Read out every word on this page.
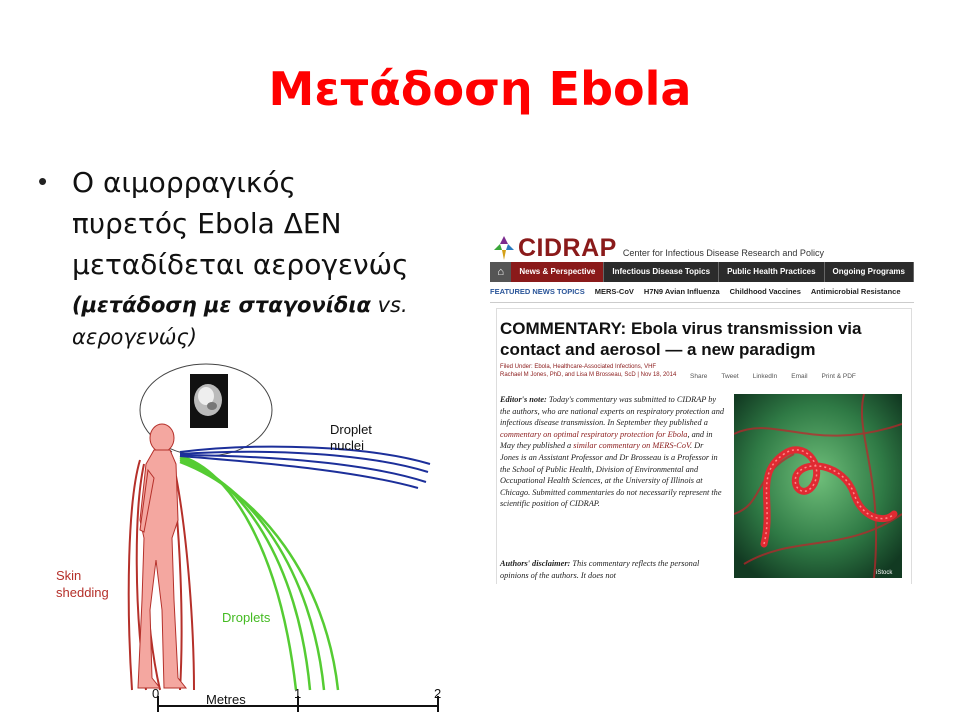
Μετάδοση Ebola
• Ο αιμορραγικός
πυρετός Ebola ΔΕΝ
μεταδίδεται αερογενώς
(μετάδοση με σταγονίδια vs.
αερογενώς)
Droplet
nuclei
Skin
shedding
Droplets
0	1	2
Metres
CIDRAP Center for Infectious Disease Research and Policy
⌂	News & Perspective	Infectious Disease Topics	Public Health Practices	Ongoing Programs
FEATURED NEWS TOPICS MERS-CoV H7N9 Avian Influenza Childhood Vaccines Antimicrobial Resistance
COMMENTARY: Ebola virus transmission via contact and aerosol — a new paradigm
Filed Under: Ebola, Healthcare-Associated Infections, VHF
Rachael M Jones, PhD, and Lisa M Brosseau, ScD | Nov 18, 2014	Share Tweet LinkedIn Email Print & PDF
Editor's note: Today's commentary was submitted to CIDRAP by the authors, who are national experts on respiratory protection and infectious disease transmission. In September they published a commentary on optimal respiratory protection for Ebola, and in May they published a similar commentary on MERS-CoV. Dr Jones is an Assistant Professor and Dr Brosseau is a Professor in the School of Public Health, Division of Environmental and Occupational Health Sciences, at the University of Illinois at Chicago. Submitted commentaries do not necessarily represent the scientific position of CIDRAP.
Authors' disclaimer: This commentary reflects the personal opinions of the authors. It does not	iStock
